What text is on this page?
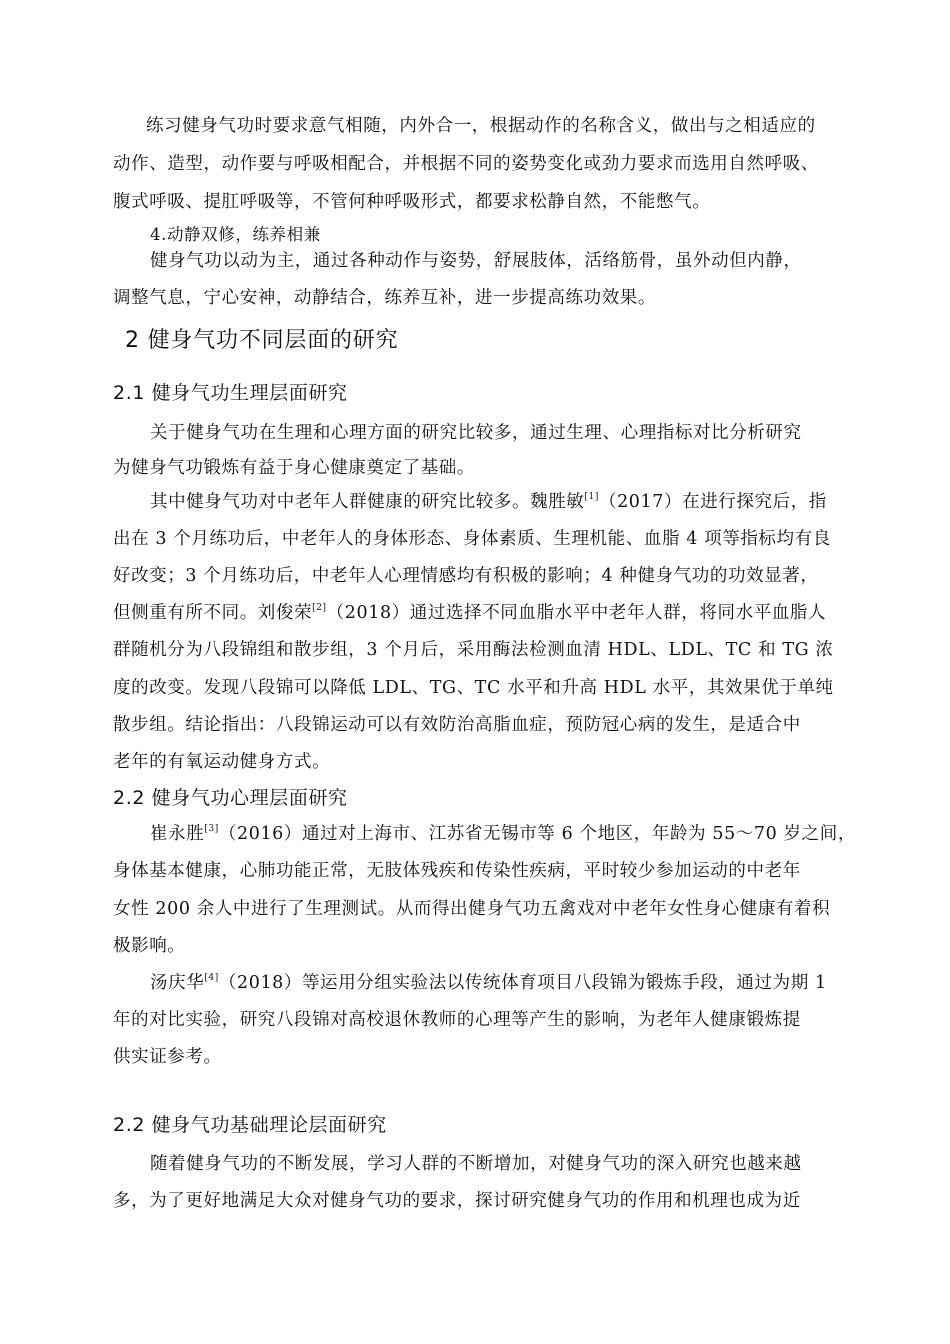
练习健身气功时要求意气相随，内外合一，根据动作的名称含义，做出与之相适应的
动作、造型，动作要与呼吸相配合，并根据不同的姿势变化或劲力要求而选用自然呼吸、
腹式呼吸、提肛呼吸等，不管何种呼吸形式，都要求松静自然，不能憋气。
4.动静双修，练养相兼
健身气功以动为主，通过各种动作与姿势，舒展肢体，活络筋骨，虽外动但内静，
调整气息，宁心安神，动静结合，练养互补，进一步提高练功效果。
2 健身气功不同层面的研究
2.1 健身气功生理层面研究
关于健身气功在生理和心理方面的研究比较多，通过生理、心理指标对比分析研究
为健身气功锻炼有益于身心健康奠定了基础。
其中健身气功对中老年人群健康的研究比较多。魏胜敏[1]（2017）在进行探究后，指
出在 3 个月练功后，中老年人的身体形态、身体素质、生理机能、血脂 4 项等指标均有良
好改变；3 个月练功后，中老年人心理情感均有积极的影响；4 种健身气功的功效显著，
但侧重有所不同。刘俊荣[2]（2018）通过选择不同血脂水平中老年人群，将同水平血脂人
群随机分为八段锦组和散步组，3 个月后，采用酶法检测血清 HDL、LDL、TC 和 TG 浓
度的改变。发现八段锦可以降低 LDL、TG、TC 水平和升高 HDL 水平，其效果优于单纯
散步组。结论指出：八段锦运动可以有效防治高脂血症，预防冠心病的发生，是适合中
老年的有氧运动健身方式。
2.2 健身气功心理层面研究
崔永胜[3]（2016）通过对上海市、江苏省无锡市等 6 个地区，年龄为 55～70 岁之间，
身体基本健康，心肺功能正常，无肢体残疾和传染性疾病，平时较少参加运动的中老年
女性 200 余人中进行了生理测试。从而得出健身气功五禽戏对中老年女性身心健康有着积
极影响。
汤庆华[4]（2018）等运用分组实验法以传统体育项目八段锦为锻炼手段，通过为期 1
年的对比实验，研究八段锦对高校退休教师的心理等产生的影响，为老年人健康锻炼提
供实证参考。
2.2 健身气功基础理论层面研究
随着健身气功的不断发展，学习人群的不断增加，对健身气功的深入研究也越来越
多，为了更好地满足大众对健身气功的要求，探讨研究健身气功的作用和机理也成为近
